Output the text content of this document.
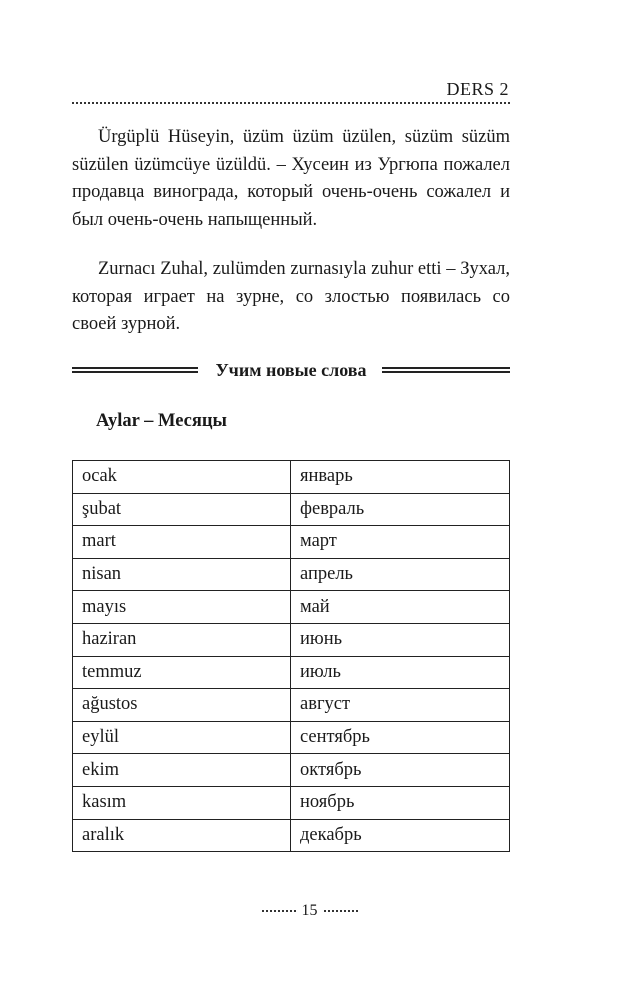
DERS 2

Ürgüplü Hüseyin, üzüm üzüm üzülen, süzüm süzüm süzülen üzümcüye üzüldü. – Хусеин из Ургюпа пожалел продавца винограда, который очень-очень сожалел и был очень-очень напыщенный.

Zurnacı Zuhal, zulümden zurnasıyla zuhur etti – Зухал, которая играет на зурне, со злостью появилась со своей зурной.

Учим новые слова
Aylar – Месяцы
ocak	январь
şubat	февраль
mart	март
nisan	апрель
mayıs	май
haziran	июнь
temmuz	июль
ağustos	август
eylül	сентябрь
ekim	октябрь
kasım	ноябрь
aralık	декабрь
15
